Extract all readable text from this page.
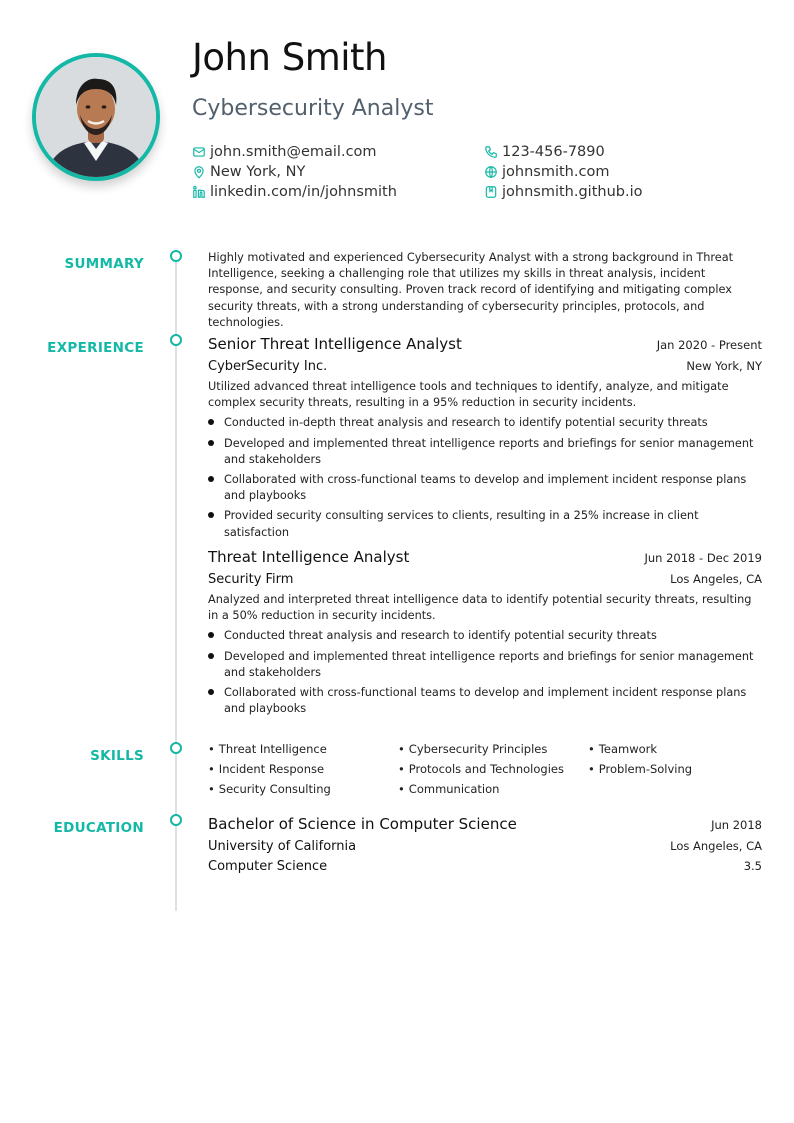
John Smith
Cybersecurity Analyst
john.smith@email.com	123-456-7890
New York, NY	johnsmith.com
linkedin.com/in/johnsmith	johnsmith.github.io
SUMMARY
EXPERIENCE
SKILLS
EDUCATION
Highly motivated and experienced Cybersecurity Analyst with a strong background in Threat Intelligence, seeking a challenging role that utilizes my skills in threat analysis, incident response, and security consulting. Proven track record of identifying and mitigating complex security threats, with a strong understanding of cybersecurity principles, protocols, and technologies.
Senior Threat Intelligence Analyst	Jan 2020 - Present
CyberSecurity Inc.	New York, NY
Utilized advanced threat intelligence tools and techniques to identify, analyze, and mitigate complex security threats, resulting in a 95% reduction in security incidents.
Conducted in-depth threat analysis and research to identify potential security threats
Developed and implemented threat intelligence reports and briefings for senior management and stakeholders
Collaborated with cross-functional teams to develop and implement incident response plans and playbooks
Provided security consulting services to clients, resulting in a 25% increase in client satisfaction
Threat Intelligence Analyst	Jun 2018 - Dec 2019
Security Firm	Los Angeles, CA
Analyzed and interpreted threat intelligence data to identify potential security threats, resulting in a 50% reduction in security incidents.
Conducted threat analysis and research to identify potential security threats
Developed and implemented threat intelligence reports and briefings for senior management and stakeholders
Collaborated with cross-functional teams to develop and implement incident response plans and playbooks
• Threat Intelligence	• Cybersecurity Principles	• Teamwork
• Incident Response	• Protocols and Technologies	• Problem-Solving
• Security Consulting	• Communication
Bachelor of Science in Computer Science	Jun 2018
University of California	Los Angeles, CA
Computer Science	3.5
